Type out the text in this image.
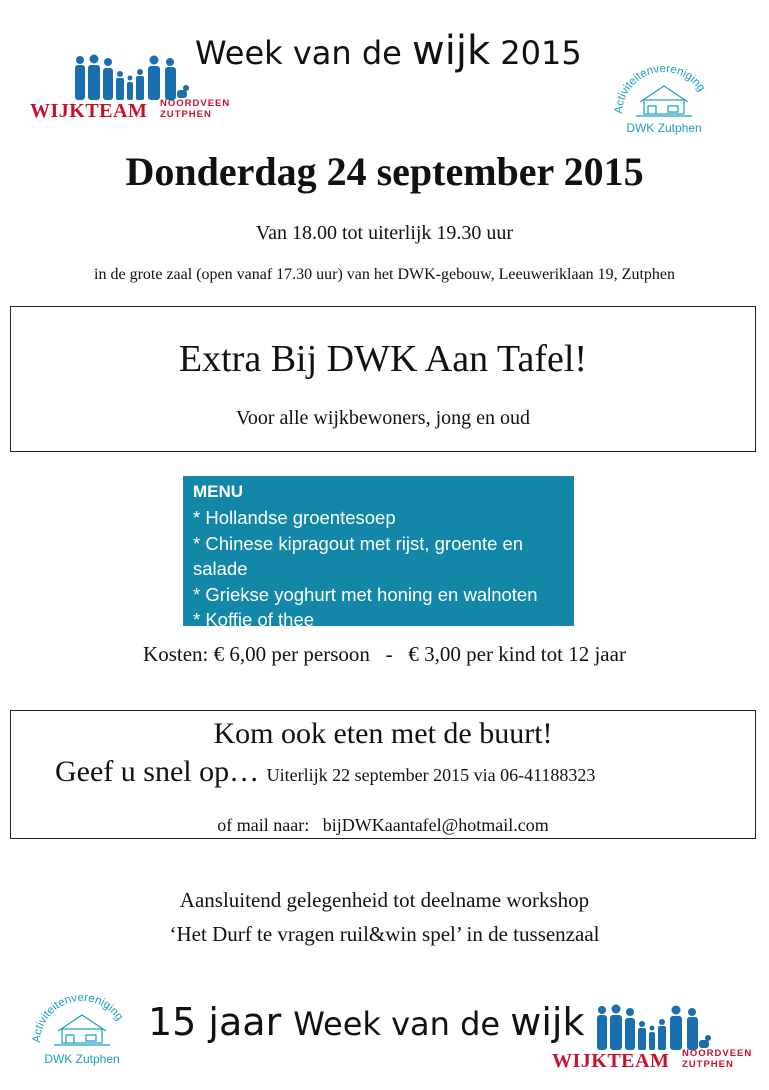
Week van de wijk 2015
WIJKTEAM NOORDVEEN
ZUTPHEN	Activiteitenvereniging
DWK Zutphen
Donderdag 24 september 2015
Van 18.00 tot uiterlijk 19.30 uur
in de grote zaal (open vanaf 17.30 uur) van het DWK-gebouw, Leeuweriklaan 19, Zutphen
Extra Bij DWK Aan Tafel!
Voor alle wijkbewoners, jong en oud
MENU
* Hollandse groentesoep
* Chinese kipragout met rijst, groente en salade
* Griekse yoghurt met honing en walnoten
* Koffie of thee
Kosten: € 6,00 per persoon   -   € 3,00 per kind tot 12 jaar
Kom ook eten met de buurt!
Geef u snel op… Uiterlijk 22 september 2015 via 06-41188323
of mail naar:   bijDWKaantafel@hotmail.com
Aansluitend gelegenheid tot deelname workshop
‘Het Durf te vragen ruil&win spel’ in de tussenzaal
Activiteitenvereniging
DWK Zutphen
15 jaar Week van de wijk
WIJKTEAM NOORDVEEN
ZUTPHEN
